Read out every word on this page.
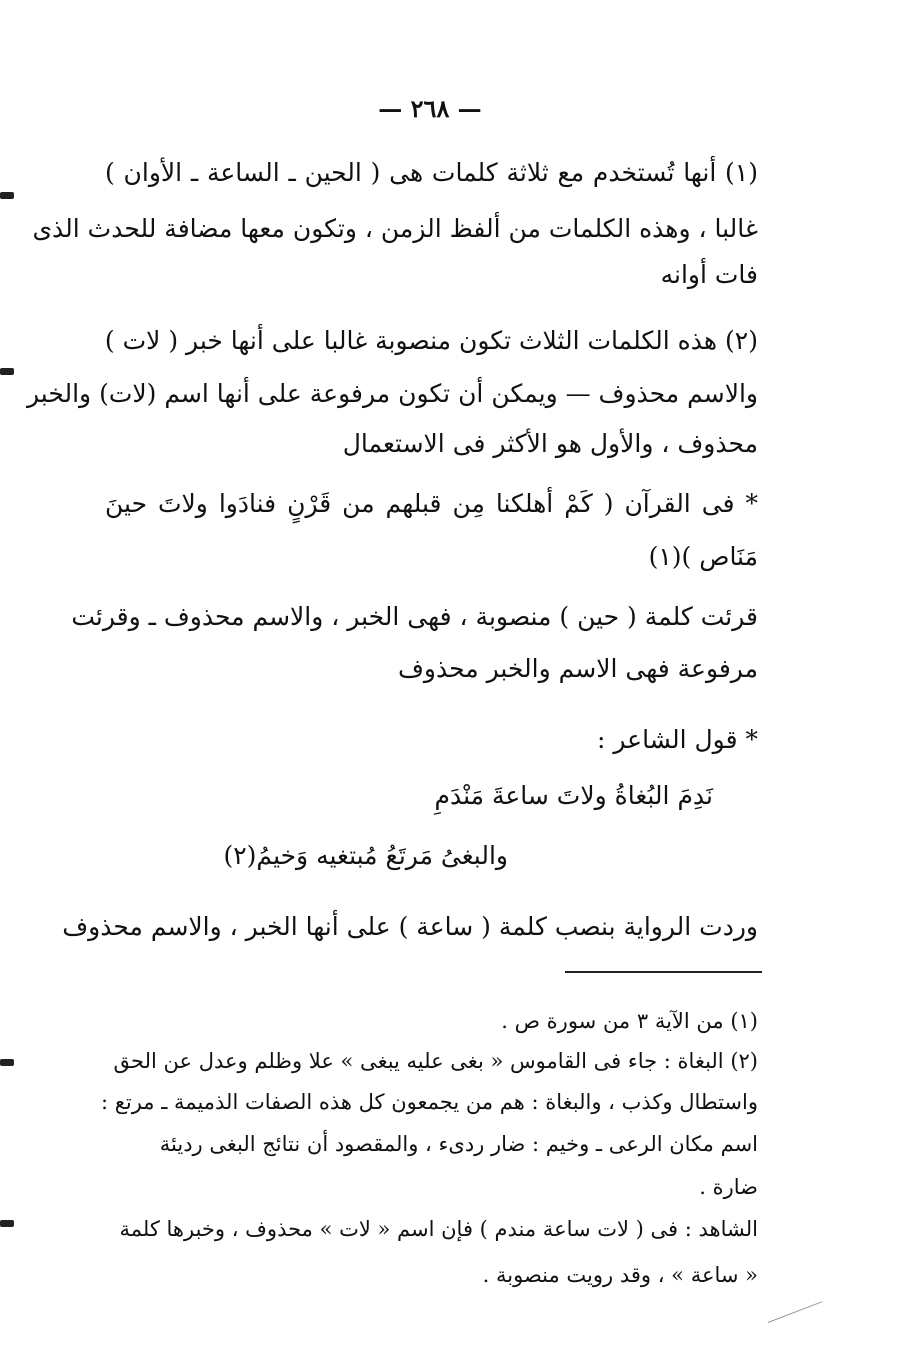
— ٢٦٨ —
(١) أنها تُستخدم مع ثلاثة كلمات هى ( الحين ـ الساعة ـ الأوان )
غالبا ، وهذه الكلمات من ألفظ الزمن ، وتكون معها مضافة للحدث الذى
فات أوانه
(٢) هذه الكلمات الثلاث تكون منصوبة غالبا على أنها خبر ( لات )
والاسم محذوف — ويمكن أن تكون مرفوعة على أنها اسم (لات) والخبر
محذوف ، والأول هو الأكثر فى الاستعمال
* فى القرآن ( كَمْ أهلكنا مِن قبلهم من قَرْنٍ فنادَوا ولاتَ حينَ
مَنَاص )(١)
قرئت كلمة ( حين ) منصوبة ، فهى الخبر ، والاسم محذوف ـ وقرئت
مرفوعة فهى الاسم والخبر محذوف
* قول الشاعر :
نَدِمَ البُغاةُ ولاتَ ساعةَ مَنْدَمِ
والبغىُ مَرتَعُ مُبتغيه وَخيمُ(٢)
وردت الرواية بنصب كلمة ( ساعة ) على أنها الخبر ، والاسم محذوف
(١) من الآية ٣ من سورة ص .
(٢) البغاة : جاء فى القاموس « بغى عليه يبغى » علا وظلم وعدل عن الحق
واستطال وكذب ، والبغاة : هم من يجمعون كل هذه الصفات الذميمة ـ مرتع :
اسم مكان الرعى ـ وخيم : ضار ردىء ، والمقصود أن نتائج البغى رديئة
ضارة .
الشاهد : فى ( لات ساعة مندم ) فإن اسم « لات » محذوف ، وخبرها كلمة
« ساعة » ، وقد رويت منصوبة .
